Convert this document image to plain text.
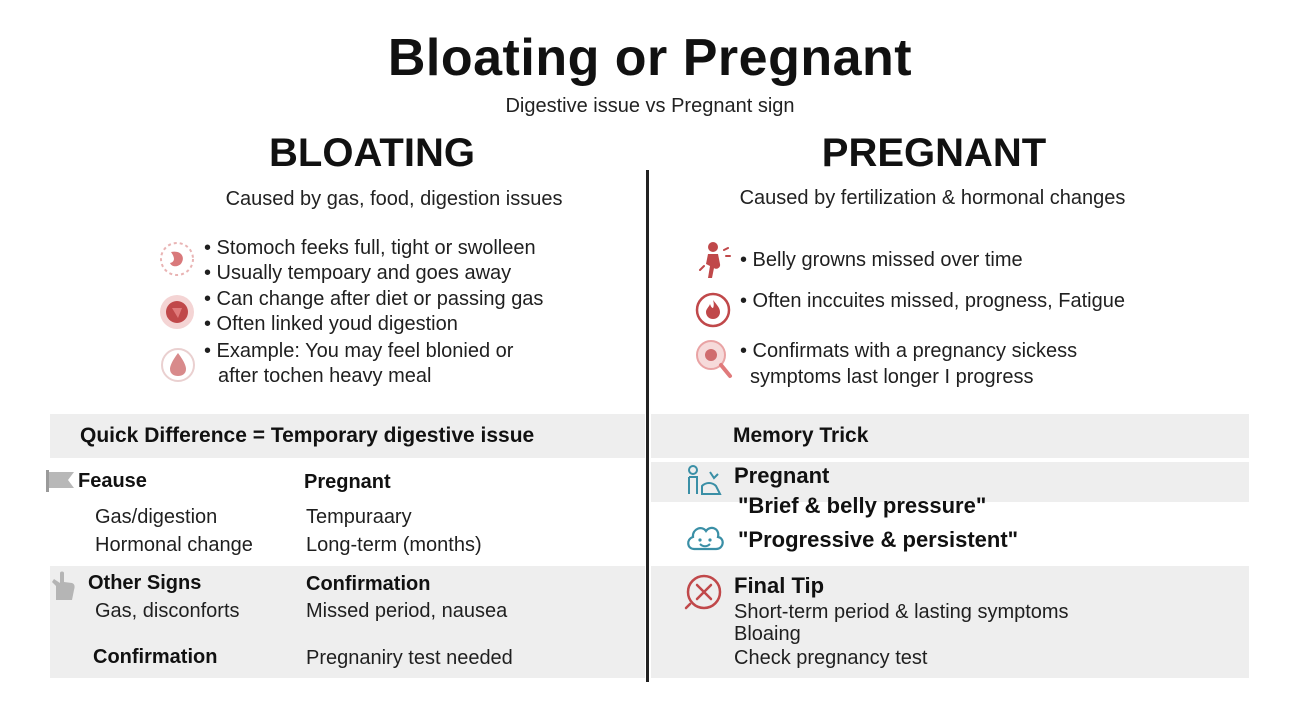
Bloating or Pregnant
Digestive issue vs Pregnant sign
BLOATING	PREGNANT
Caused by gas, food, digestion issues	Caused by fertilization & hormonal changes
• Stomoch feeks full, tight or swolleen
• Usually tempoary and goes away
• Can change after diet or passing gas
• Often linked youd digestion
• Example: You may feel blonied or
after tochen heavy meal
• Belly growns missed over time
• Often inccuites missed, progness, Fatigue
• Confirmats with a pregnancy sickess
symptoms last longer I progress
Quick Difference = Temporary digestive issue
Feause	Pregnant
Gas/digestion	Tempuraary
Hormonal change	Long-term (months)
Other Signs	Confirmation
Gas, disconforts	Missed period, nausea
Confirmation	Pregnaniry test needed
Memory Trick
Pregnant
"Brief & belly pressure"
"Progressive & persistent"
Final Tip
Short-term period & lasting symptoms
Bloaing
Check pregnancy test
